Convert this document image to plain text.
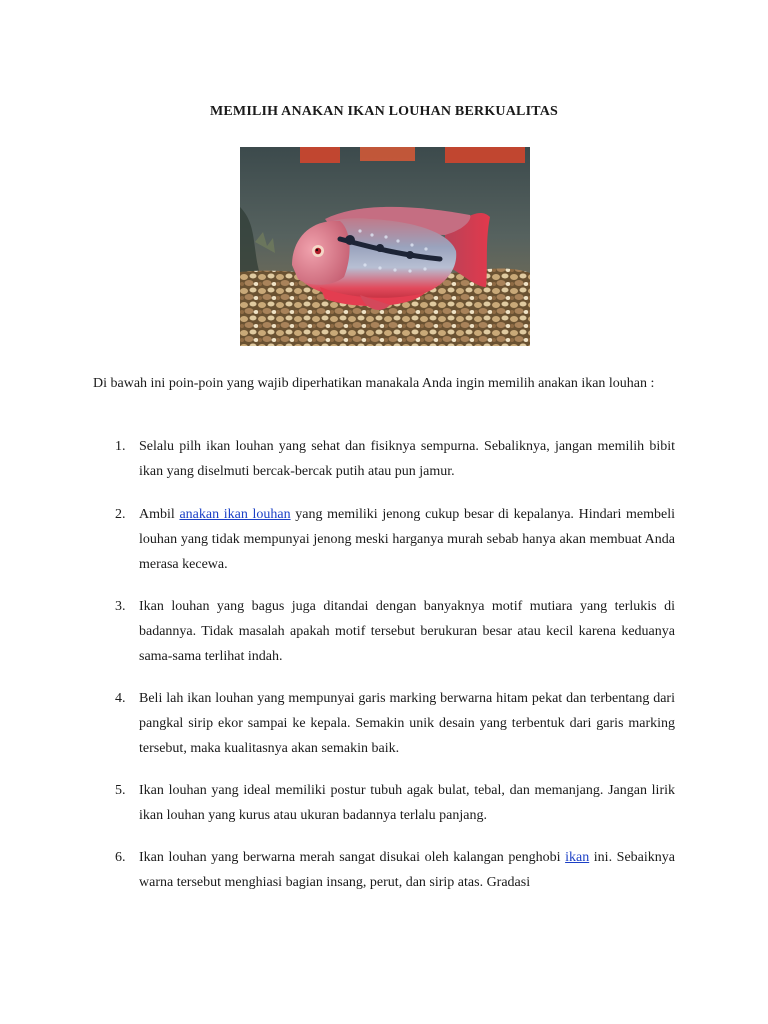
MEMILIH ANAKAN IKAN LOUHAN BERKUALITAS

Di bawah ini poin-poin yang wajib diperhatikan manakala Anda ingin memilih anakan ikan louhan :

1. Selalu pilh ikan louhan yang sehat dan fisiknya sempurna. Sebaliknya, jangan memilih bibit ikan yang diselmuti bercak-bercak putih atau pun jamur.
2. Ambil anakan ikan louhan yang memiliki jenong cukup besar di kepalanya. Hindari membeli louhan yang tidak mempunyai jenong meski harganya murah sebab hanya akan membuat Anda merasa kecewa.
3. Ikan louhan yang bagus juga ditandai dengan banyaknya motif mutiara yang terlukis di badannya. Tidak masalah apakah motif tersebut berukuran besar atau kecil karena keduanya sama-sama terlihat indah.
4. Beli lah ikan louhan yang mempunyai garis marking berwarna hitam pekat dan terbentang dari pangkal sirip ekor sampai ke kepala. Semakin unik desain yang terbentuk dari garis marking tersebut, maka kualitasnya akan semakin baik.
5. Ikan louhan yang ideal memiliki postur tubuh agak bulat, tebal, dan memanjang. Jangan lirik ikan louhan yang kurus atau ukuran badannya terlalu panjang.
6. Ikan louhan yang berwarna merah sangat disukai oleh kalangan penghobi ikan ini. Sebaiknya warna tersebut menghiasi bagian insang, perut, dan sirip atas. Gradasi
